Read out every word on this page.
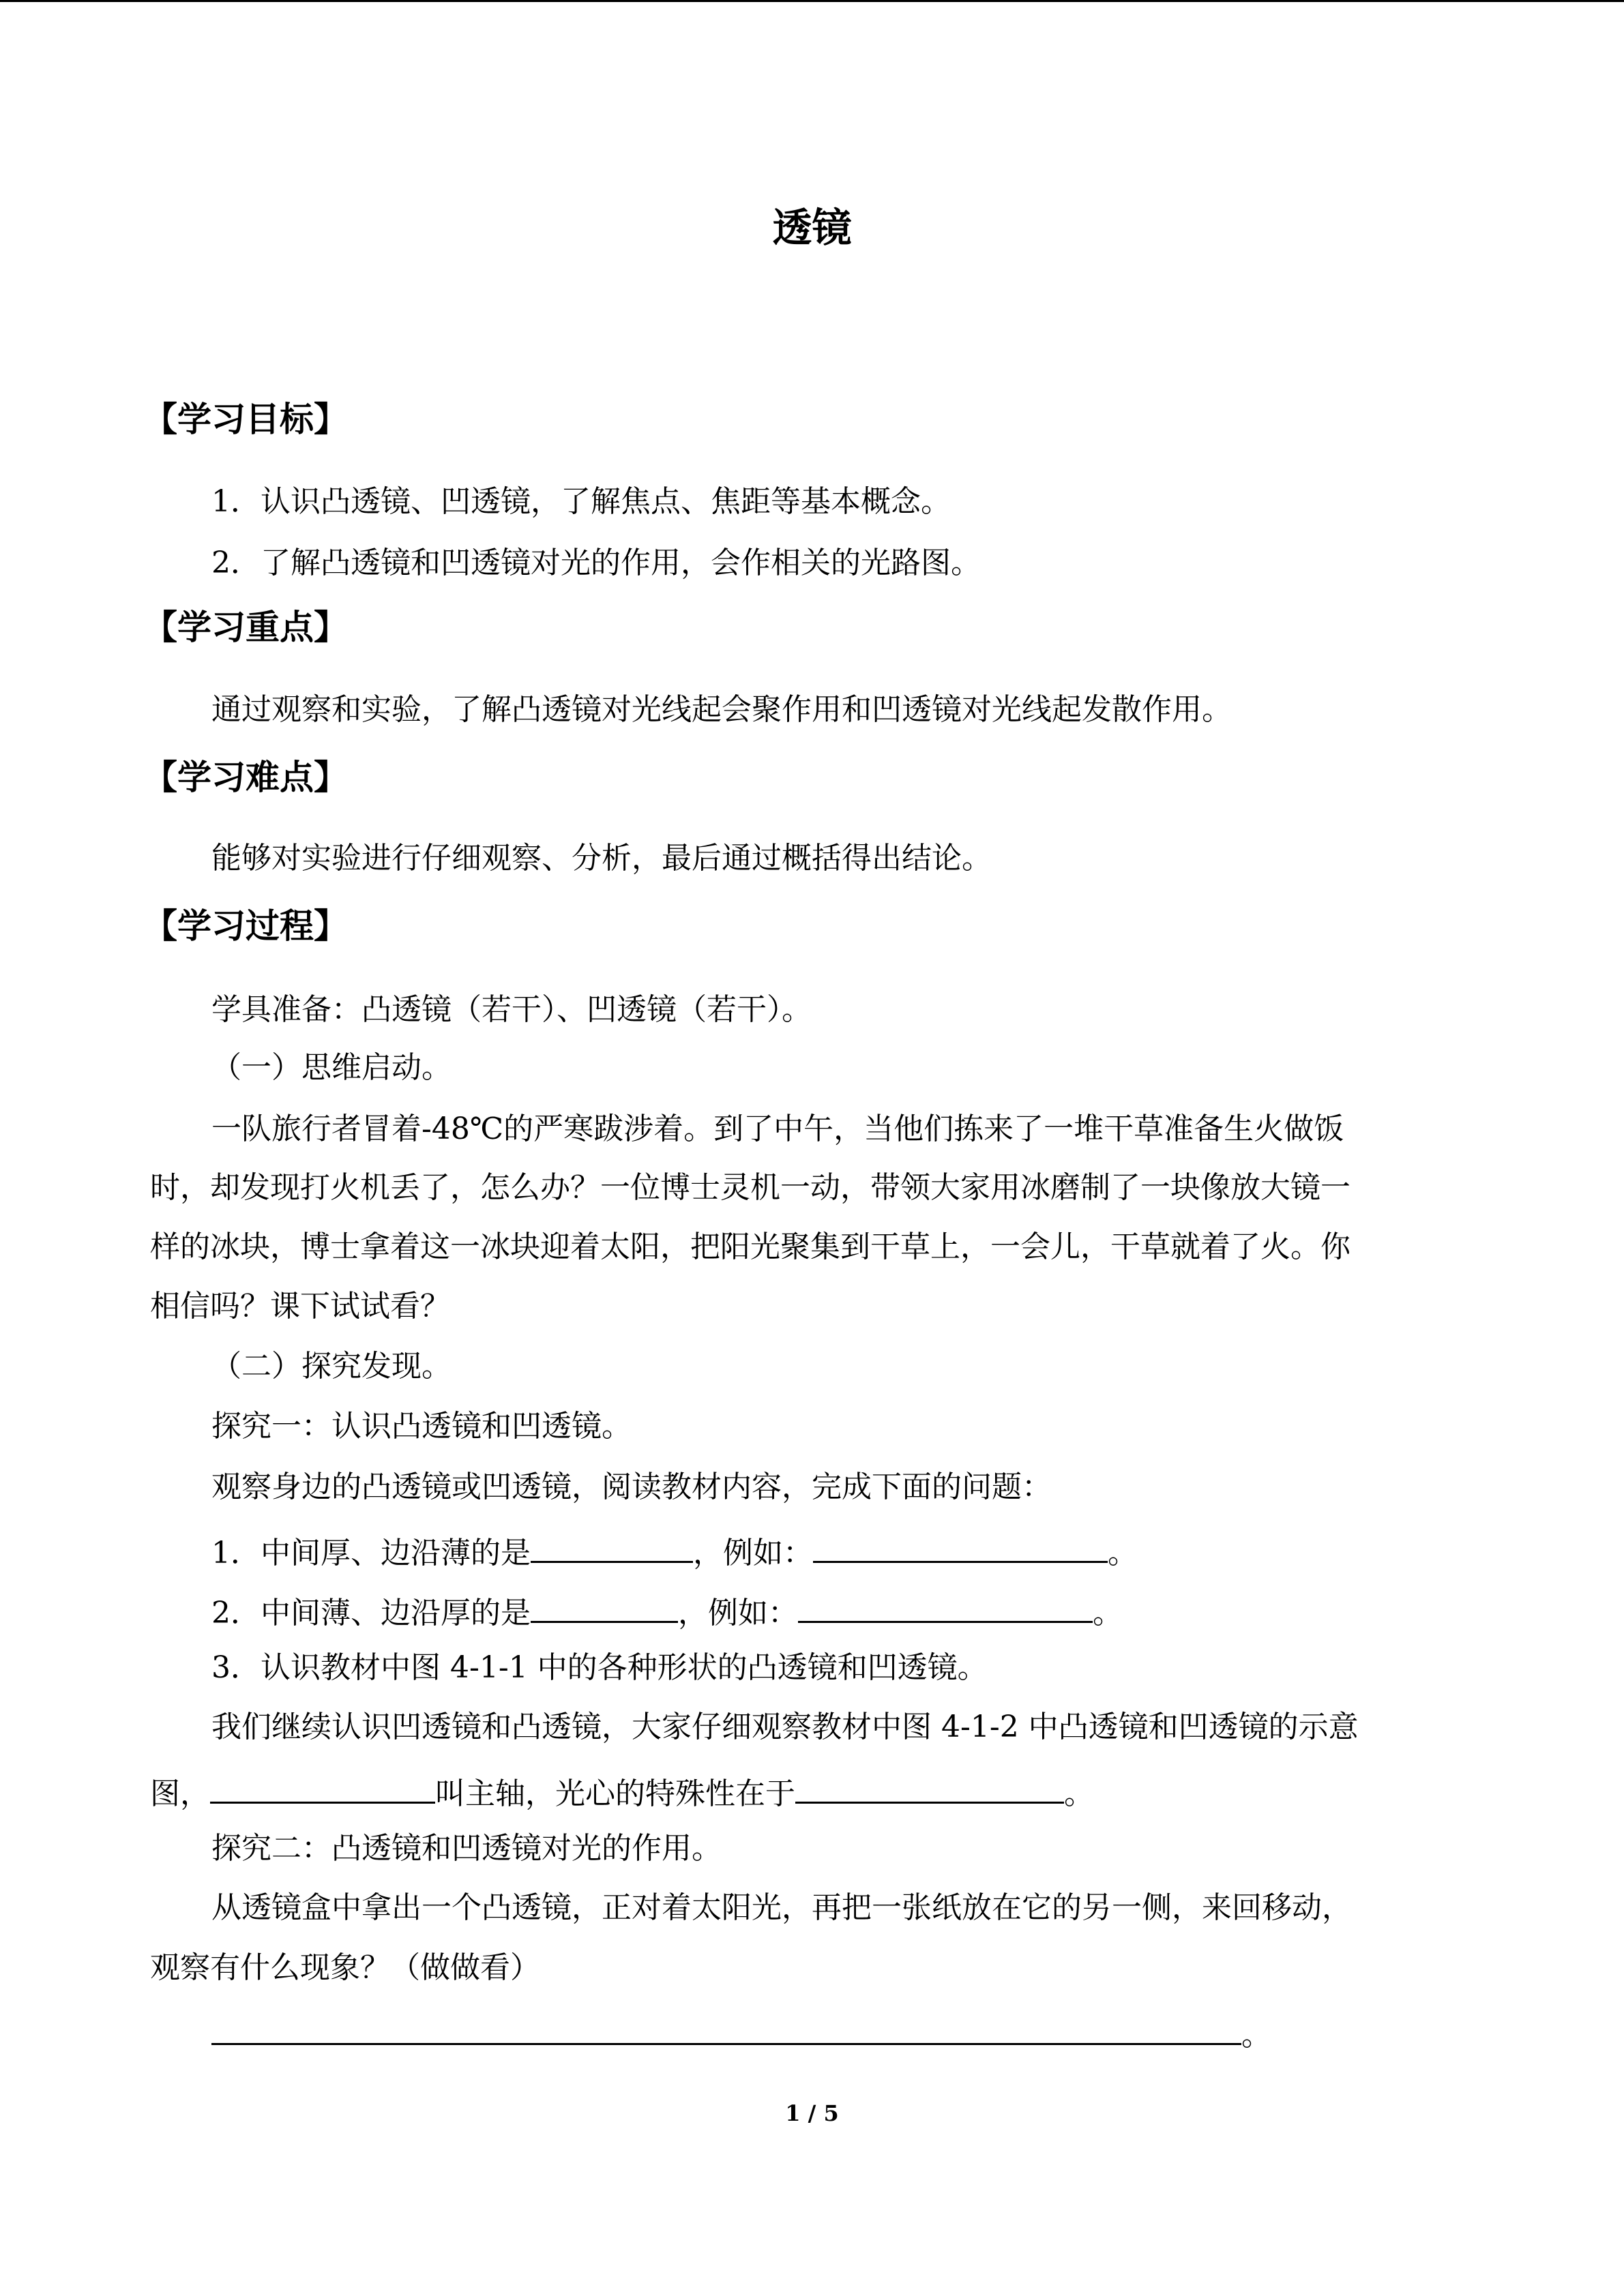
透镜
【学习目标】
1．认识凸透镜、凹透镜，了解焦点、焦距等基本概念。
2．了解凸透镜和凹透镜对光的作用，会作相关的光路图。
【学习重点】
通过观察和实验，了解凸透镜对光线起会聚作用和凹透镜对光线起发散作用。
【学习难点】
能够对实验进行仔细观察、分析，最后通过概括得出结论。
【学习过程】
学具准备：凸透镜（若干）、凹透镜（若干）。
（一）思维启动。
一队旅行者冒着-48℃的严寒跋涉着。到了中午，当他们拣来了一堆干草准备生火做饭
时，却发现打火机丢了，怎么办？一位博士灵机一动，带领大家用冰磨制了一块像放大镜一
样的冰块，博士拿着这一冰块迎着太阳，把阳光聚集到干草上，一会儿，干草就着了火。你
相信吗？课下试试看？
（二）探究发现。
探究一：认识凸透镜和凹透镜。
观察身边的凸透镜或凹透镜，阅读教材内容，完成下面的问题：
1．中间厚、边沿薄的是	，例如：	。
2．中间薄、边沿厚的是	，例如：	。
3．认识教材中图 4-1-1 中的各种形状的凸透镜和凹透镜。
我们继续认识凹透镜和凸透镜，大家仔细观察教材中图 4-1-2 中凸透镜和凹透镜的示意
图，	叫主轴，光心的特殊性在于	。
探究二：凸透镜和凹透镜对光的作用。
从透镜盒中拿出一个凸透镜，正对着太阳光，再把一张纸放在它的另一侧，来回移动，
观察有什么现象？（做做看）
。
1 / 5
